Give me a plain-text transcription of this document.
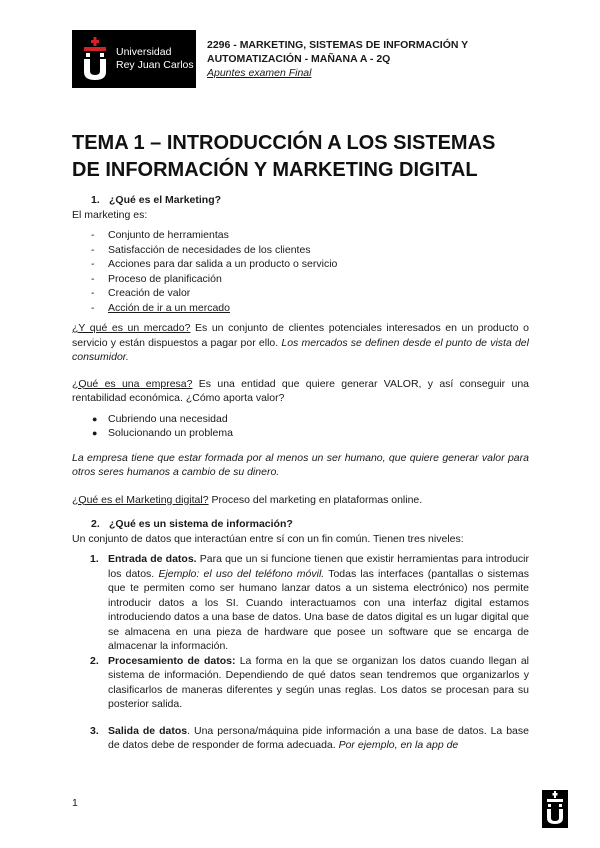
Universidad
Rey Juan Carlos
2296 - MARKETING, SISTEMAS DE INFORMACIÓN Y
AUTOMATIZACIÓN - MAÑANA A - 2Q
Apuntes examen Final
TEMA 1 – INTRODUCCIÓN A LOS SISTEMAS
DE INFORMACIÓN Y MARKETING DIGITAL

1. ¿Qué es el Marketing?

El marketing es:

- Conjunto de herramientas
- Satisfacción de necesidades de los clientes
- Acciones para dar salida a un producto o servicio
- Proceso de planificación
- Creación de valor
- Acción de ir a un mercado

¿Y qué es un mercado? Es un conjunto de clientes potenciales interesados en un producto o servicio y están dispuestos a pagar por ello. Los mercados se definen desde el punto de vista del consumidor.

¿Qué es una empresa? Es una entidad que quiere generar VALOR, y así conseguir una rentabilidad económica. ¿Cómo aporta valor?

● Cubriendo una necesidad
● Solucionando un problema

La empresa tiene que estar formada por al menos un ser humano, que quiere generar valor para otros seres humanos a cambio de su dinero.

¿Qué es el Marketing digital? Proceso del marketing en plataformas online.

2. ¿Qué es un sistema de información?

Un conjunto de datos que interactúan entre sí con un fin común. Tienen tres niveles:

1. Entrada de datos. Para que un si funcione tienen que existir herramientas para introducir los datos. Ejemplo: el uso del teléfono móvil. Todas las interfaces (pantallas o sistemas que te permiten como ser humano lanzar datos a un sistema electrónico) nos permite introducir datos a los SI. Cuando interactuamos con una interfaz digital estamos introduciendo datos a una base de datos. Una base de datos digital es un lugar digital que se almacena en una pieza de hardware que posee un software que se encarga de almacenar la información.
2. Procesamiento de datos: La forma en la que se organizan los datos cuando llegan al sistema de información. Dependiendo de qué datos sean tendremos que organizarlos y clasificarlos de maneras diferentes y según unas reglas. Los datos se procesan para su posterior salida.
3. Salida de datos. Una persona/máquina pide información a una base de datos. La base de datos debe de responder de forma adecuada. Por ejemplo, en la app de
1
